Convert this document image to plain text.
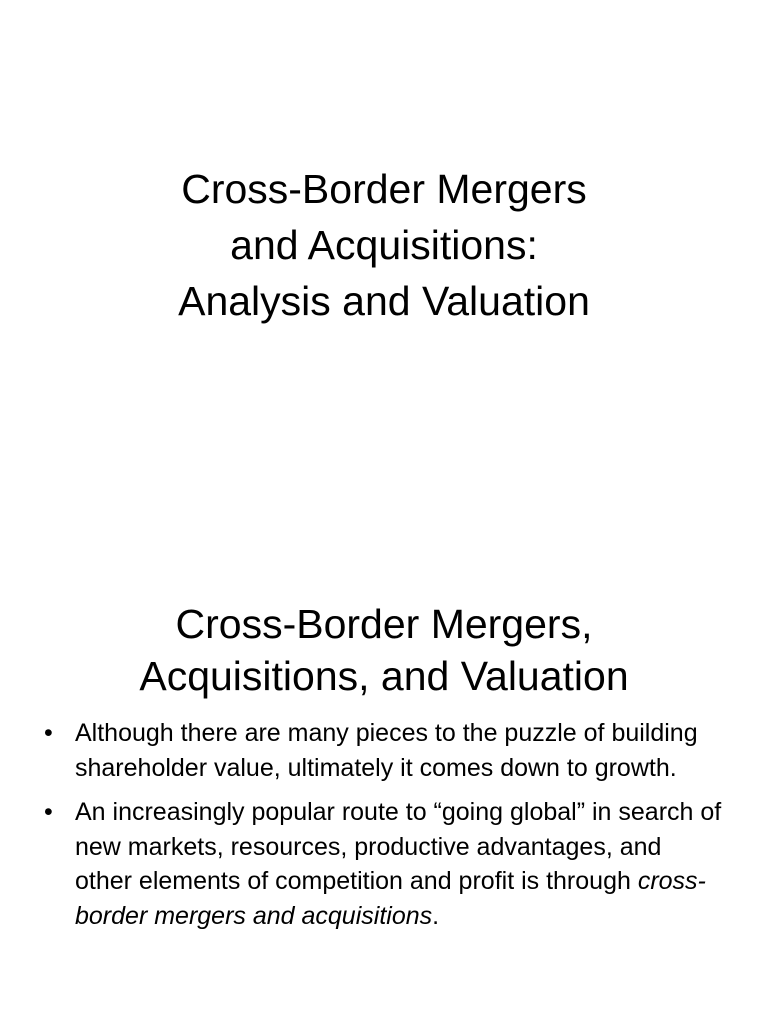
Cross-Border Mergers
and Acquisitions:
Analysis and Valuation
Cross-Border Mergers,
Acquisitions, and Valuation
• Although there are many pieces to the puzzle of building shareholder value, ultimately it comes down to growth.
• An increasingly popular route to “going global” in search of new markets, resources, productive advantages, and other elements of competition and profit is through cross-border mergers and acquisitions.
